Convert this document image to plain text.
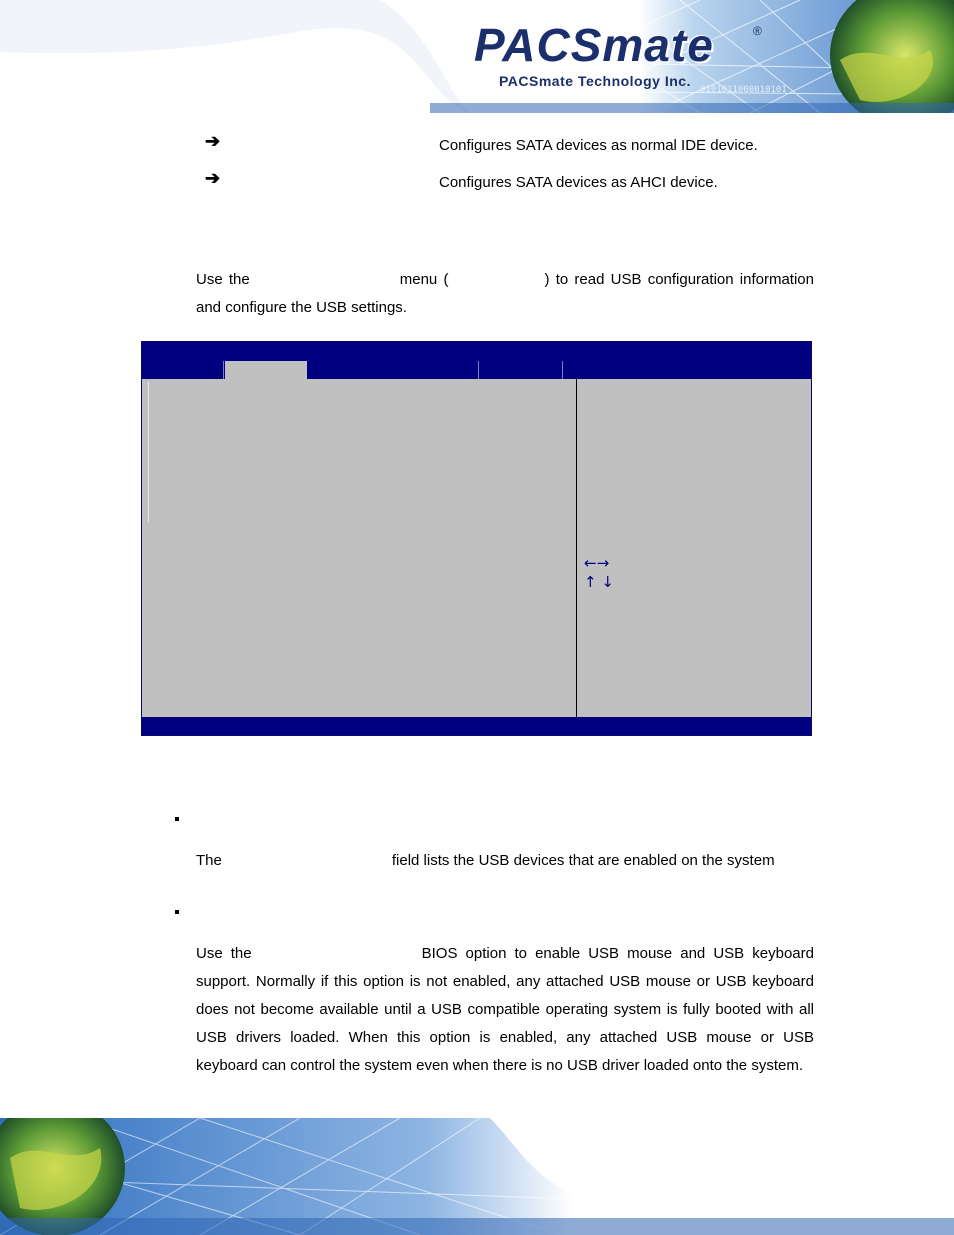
0101011000010101
PACSmate	®
PACSmate Technology Inc.
➔	Configures SATA devices as normal IDE device.
➔	Configures SATA devices as AHCI device.
Use the	menu (	) to read USB configuration information and configure the USB settings.
←→
↑ ↓
The	field lists the USB devices that are enabled on the system
Use the	BIOS option to enable USB mouse and USB keyboard support. Normally if this option is not enabled, any attached USB mouse or USB keyboard does not become available until a USB compatible operating system is fully booted with all USB drivers loaded. When this option is enabled, any attached USB mouse or USB keyboard can control the system even when there is no USB driver loaded onto the system.
